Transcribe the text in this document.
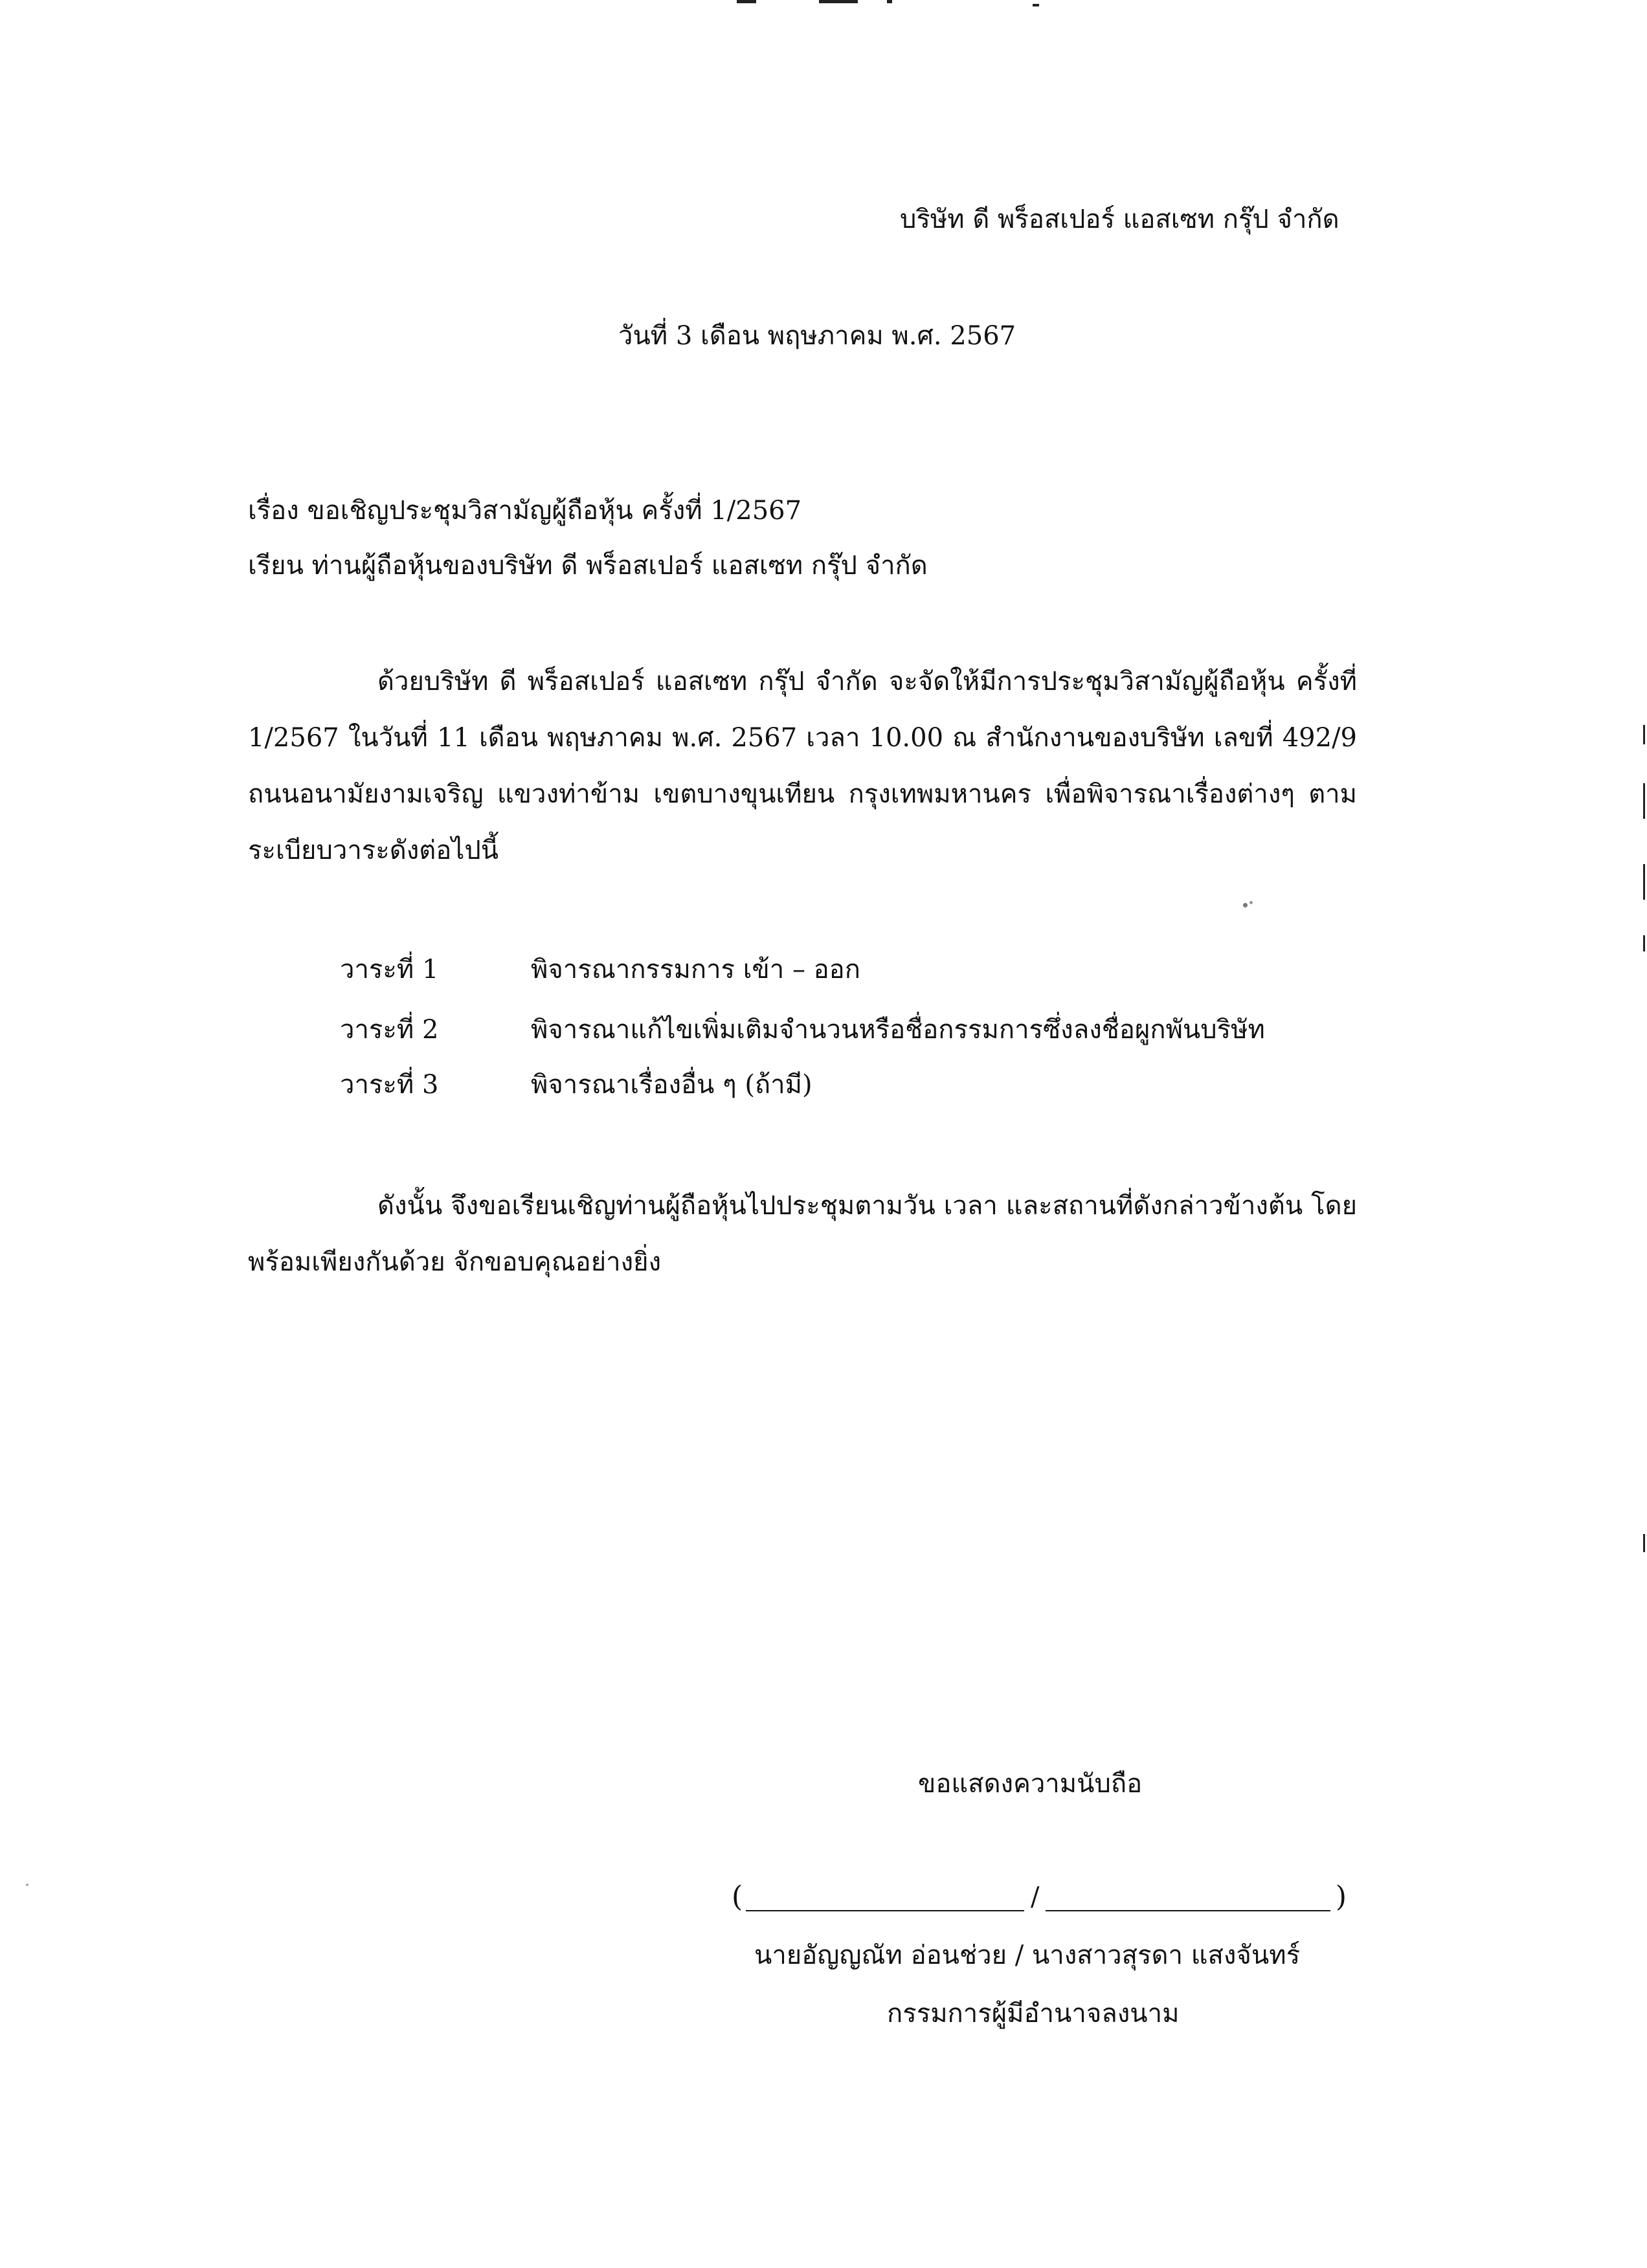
บริษัท ดี พร็อสเปอร์ แอสเซท กรุ๊ป จำกัด
วันที่ 3 เดือน พฤษภาคม พ.ศ. 2567
เรื่อง ขอเชิญประชุมวิสามัญผู้ถือหุ้น ครั้งที่ 1/2567
เรียน ท่านผู้ถือหุ้นของบริษัท ดี พร็อสเปอร์ แอสเซท กรุ๊ป จำกัด
ด้วยบริษัท ดี พร็อสเปอร์ แอสเซท กรุ๊ป จำกัด จะจัดให้มีการประชุมวิสามัญผู้ถือหุ้น ครั้งที่ 1/2567 ในวันที่ 11 เดือน พฤษภาคม พ.ศ. 2567 เวลา 10.00 ณ สำนักงานของบริษัท เลขที่ 492/9 ถนนอนามัยงามเจริญ แขวงท่าข้าม เขตบางขุนเทียน กรุงเทพมหานคร เพื่อพิจารณาเรื่องต่างๆ ตามระเบียบวาระดังต่อไปนี้
วาระที่ 1	พิจารณากรรมการ เข้า – ออก
วาระที่ 2	พิจารณาแก้ไขเพิ่มเติมจำนวนหรือชื่อกรรมการซึ่งลงชื่อผูกพันบริษัท
วาระที่ 3	พิจารณาเรื่องอื่น ๆ (ถ้ามี)
ดังนั้น จึงขอเรียนเชิญท่านผู้ถือหุ้นไปประชุมตามวัน เวลา และสถานที่ดังกล่าวข้างต้น โดยพร้อมเพียงกันด้วย จักขอบคุณอย่างยิ่ง
ขอแสดงความนับถือ
(	/	)
นายอัญญณัท อ่อนช่วย / นางสาวสุรดา แสงจันทร์
กรรมการผู้มีอำนาจลงนาม
